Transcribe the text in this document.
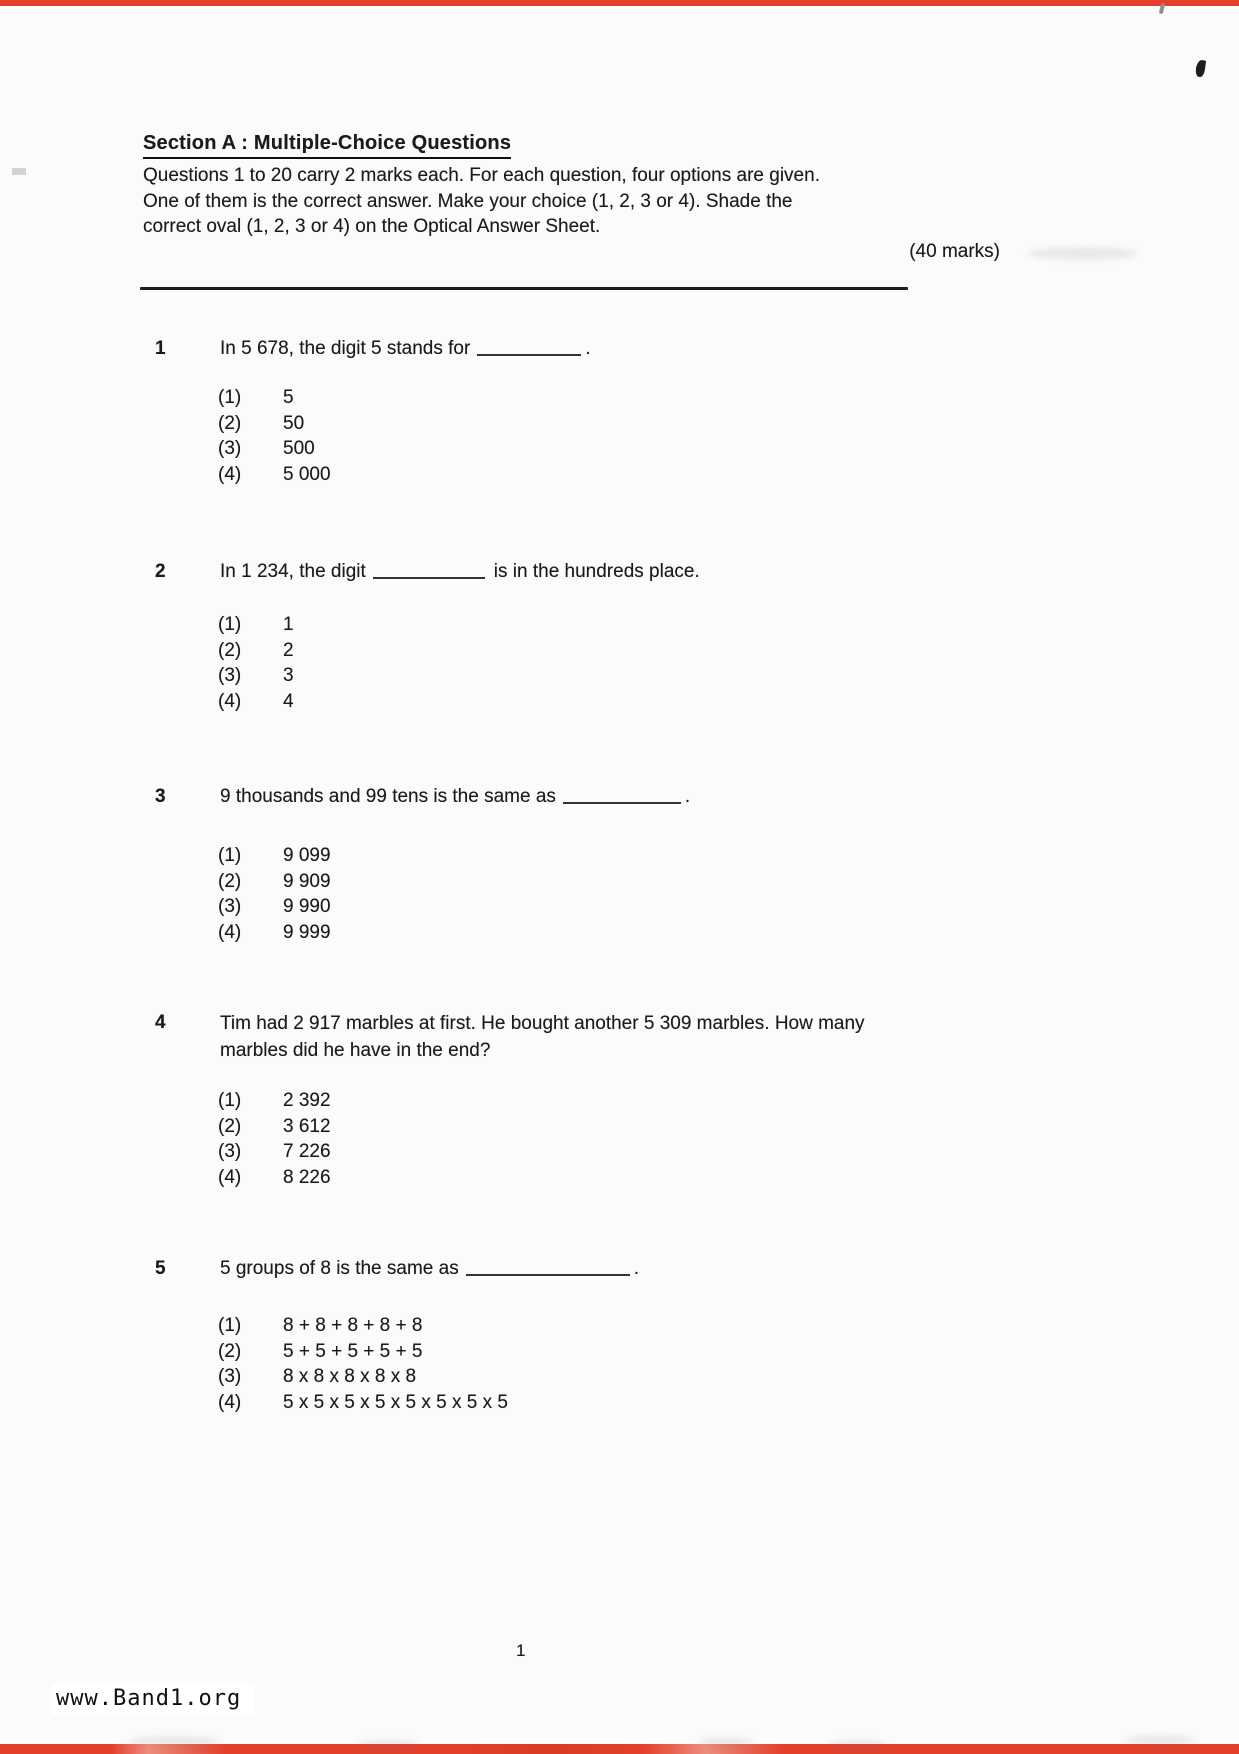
Section A : Multiple-Choice Questions
Questions 1 to 20 carry 2 marks each. For each question, four options are given.
One of them is the correct answer. Make your choice (1, 2, 3 or 4). Shade the
correct oval (1, 2, 3 or 4) on the Optical Answer Sheet.
(40 marks)
1	In 5 678, the digit 5 stands for	.
(1)	5
(2)	50
(3)	500
(4)	5 000
2	In 1 234, the digit	is in the hundreds place.
(1)	1
(2)	2
(3)	3
(4)	4
3	9 thousands and 99 tens is the same as	.
(1)	9 099
(2)	9 909
(3)	9 990
(4)	9 999
4	Tim had 2 917 marbles at first. He bought another 5 309 marbles. How many marbles did he have in the end?
(1)	2 392
(2)	3 612
(3)	7 226
(4)	8 226
5	5 groups of 8 is the same as	.
(1)	8 + 8 + 8 + 8 + 8
(2)	5 + 5 + 5 + 5 + 5
(3)	8 x 8 x 8 x 8 x 8
(4)	5 x 5 x 5 x 5 x 5 x 5 x 5 x 5
1
www.Band1.org
